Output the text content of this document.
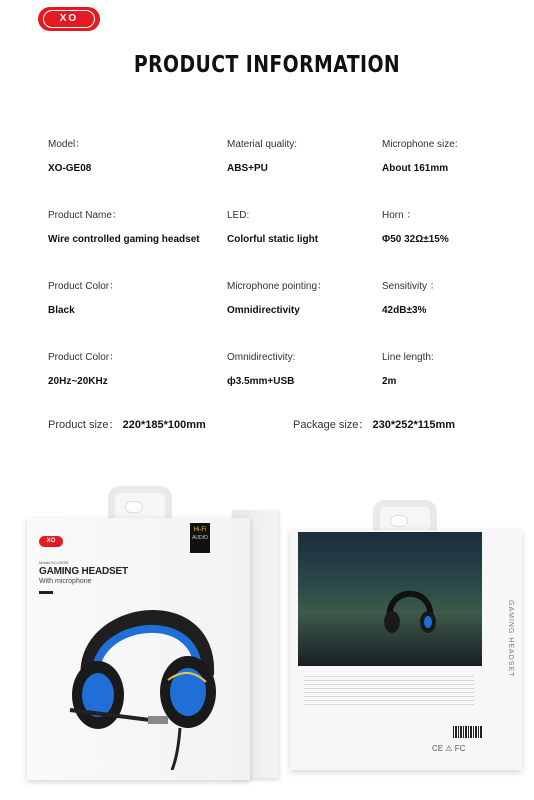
XO
PRODUCT INFORMATION
Model：
XO-GE08
Material quality:
ABS+PU
Microphone size:
About 161mm
Product Name：
Wire controlled gaming headset
LED:
Colorful static light
Horn ：
Φ50 32Ω±15%
Product Color：
Black
Microphone pointing：
Omnidirectivity
Sensitivity ：
42dB±3%
Product Color：
20Hz~20KHz
Omnidirectivity:
ф3.5mm+USB
Line length:
2m
Product size： 220*185*100mm	Package size： 230*252*115mm
XO
Model:XO-GE08
GAMING HEADSET
With microphone
Hi-Fi
AUDIO
GAMING HEADSET
CE ⚠ FC
